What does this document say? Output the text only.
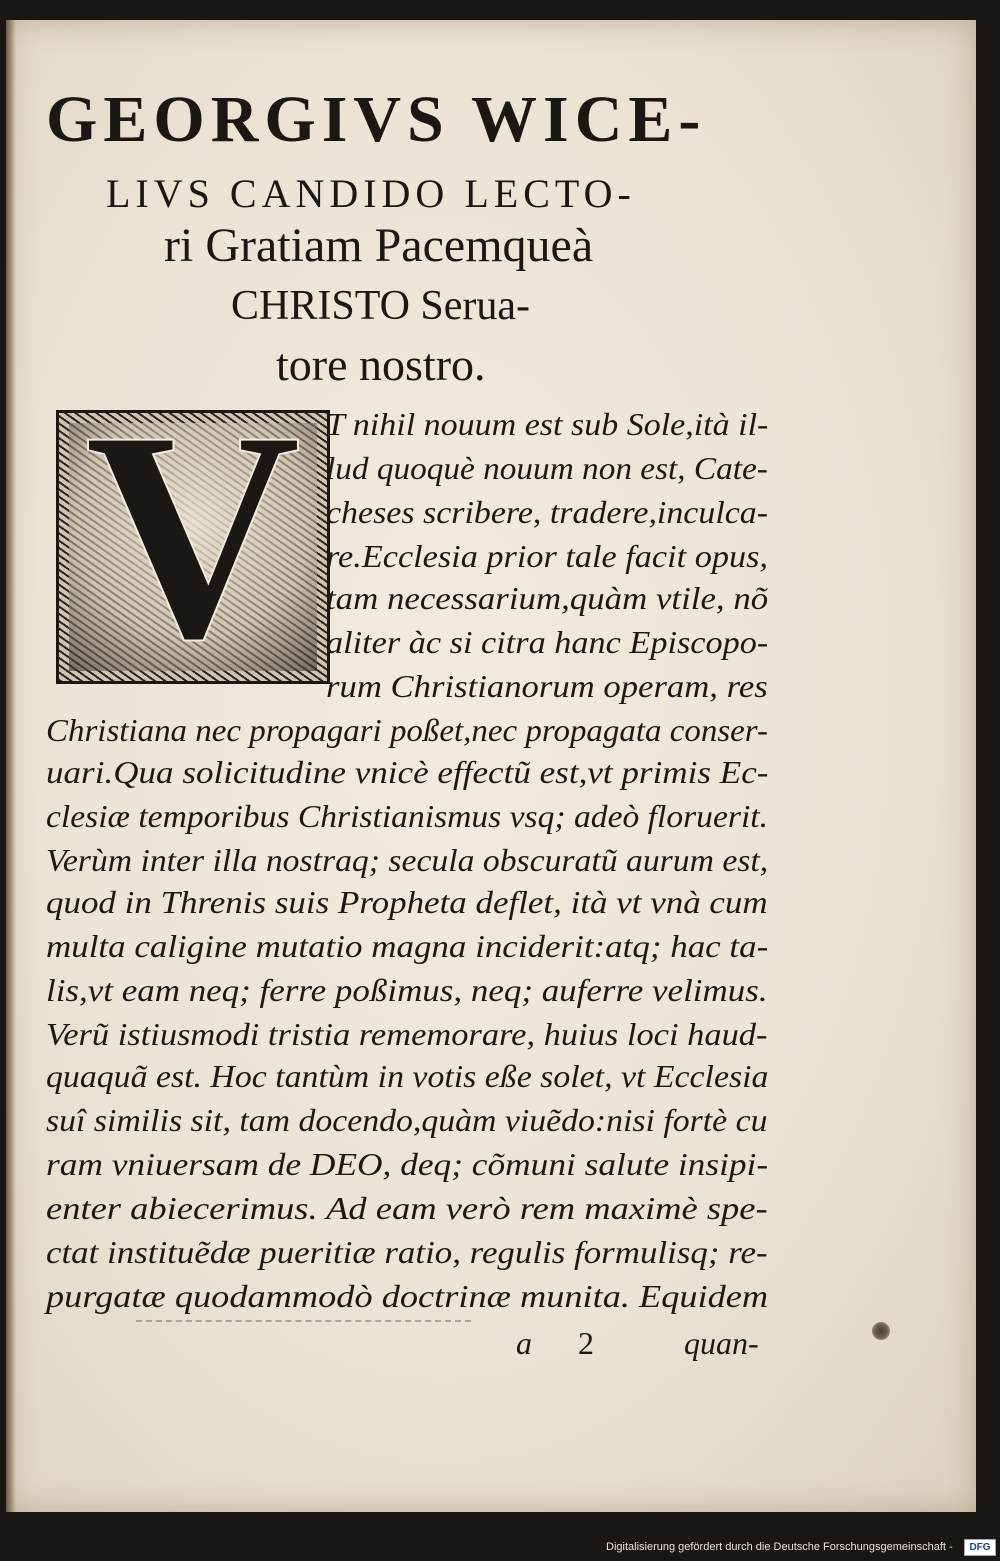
GEORGIVS WICE-
LIVS CANDIDO LECTO-
ri Gratiam Pacemqueà
CHRISTO Serua-
tore nostro.
V T nihil nouum est sub Sole,ità il-
lud quoquè nouum non est, Cate-
cheses scribere, tradere,inculca-
re.Ecclesia prior tale facit opus,
tam necessarium,quàm vtile, nõ
aliter àc si citra hanc Episcopo-
rum Christianorum operam, res
Christiana nec propagari poßet,nec propagata conser-
uari.Qua solicitudine vnicè effectũ est,vt primis Ec-
clesiæ temporibus Christianismus vsq; adeò floruerit.
Verùm inter illa nostraq; secula obscuratũ aurum est,
quod in Threnis suis Propheta deflet, ità vt vnà cum
multa caligine mutatio magna inciderit:atq; hac ta-
lis,vt eam neq; ferre poßimus, neq; auferre velimus.
Verũ istiusmodi tristia rememorare, huius loci haud-
quaquã est. Hoc tantùm in votis eße solet, vt Ecclesia
suî similis sit, tam docendo,quàm viuẽdo:nisi fortè cu
ram vniuersam de DEO, deq; cõmuni salute insipi-
enter abiecerimus. Ad eam verò rem maximè spe-
ctat instituẽdæ pueritiæ ratio, regulis formulisq; re-
purgatæ quodammodò doctrinæ munita. Equidem
a 2	quan-
Digitalisierung gefördert durch die Deutsche Forschungsgemeinschaft -	DFG
